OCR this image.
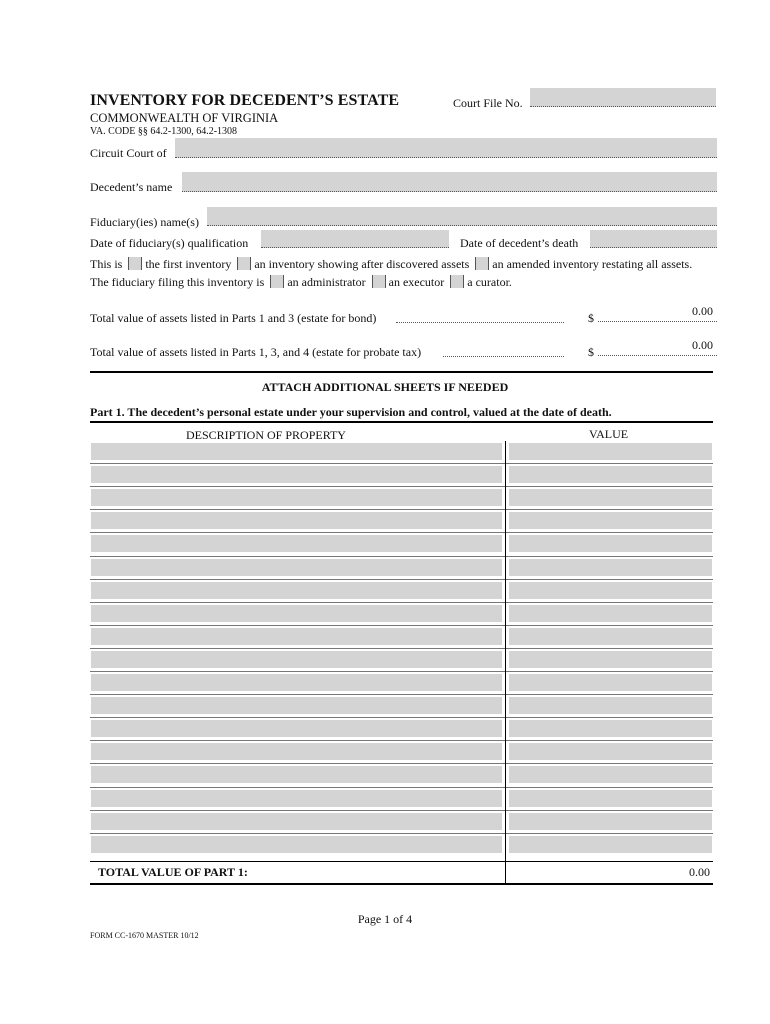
INVENTORY FOR DECEDENT’S ESTATE
COMMONWEALTH OF VIRGINIA
VA. CODE §§ 64.2-1300, 64.2-1308
Court File No.
Circuit Court of
Decedent’s name
Fiduciary(ies) name(s)
Date of fiduciary(s) qualification	Date of decedent’s death
This is the first inventory an inventory showing after discovered assets an amended inventory restating all assets.
The fiduciary filing this inventory is an administrator an executor a curator.
Total value of assets listed in Parts 1 and 3 (estate for bond)	$	0.00
Total value of assets listed in Parts 1, 3, and 4 (estate for probate tax)	$	0.00
ATTACH ADDITIONAL SHEETS IF NEEDED
Part 1. The decedent’s personal estate under your supervision and control, valued at the date of death.
DESCRIPTION OF PROPERTY	VALUE
TOTAL VALUE OF PART 1:	0.00
Page 1 of 4
FORM CC-1670 MASTER 10/12
